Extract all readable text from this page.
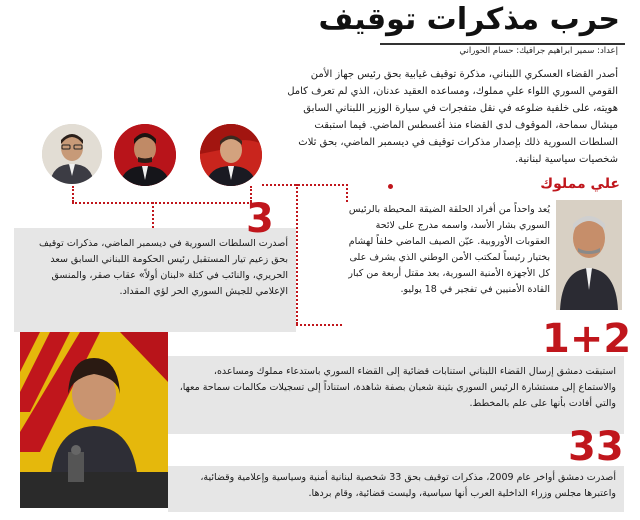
حرب مذكرات توقيف
إعداد: سمير ابراهيم جرافيك: حسام الحوراني
أصدر القضاء العسكري اللبناني، مذكرة توقيف غيابية بحق رئيس جهاز الأمن القومي السوري اللواء علي مملوك، ومساعده العقيد عدنان، الذي لم تعرف كامل هويته، على خلفية ضلوعه في نقل متفجرات في سيارة الوزير اللبناني السابق ميشال سماحة، الموقوف لدى القضاء منذ أغسطس الماضي. فيما استبقت السلطات السورية ذلك بإصدار مذكرات توقيف في ديسمبر الماضي، بحق ثلاث شخصيات سياسية لبنانية.
علي مملوك
3
أصدرت السلطات السورية في ديسمبر الماضي، مذكرات توقيف بحق زعيم تيار المستقبل رئيس الحكومة اللبناني السابق سعد الحريري، والنائب في كتلة «لبنان أولاً» عقاب صقر، والمنسق الإعلامي للجيش السوري الحر لؤي المقداد.
يُعد واحداً من أفراد الحلقة الضيقة المحيطة بالرئيس السوري بشار الأسد، واسمه مدرج على لائحة العقوبات الأوروبية. عيّن الصيف الماضي خلفاً لهشام بختيار رئيساً لمكتب الأمن الوطني الذي يشرف على كل الأجهزة الأمنية السورية، بعد مقتل أربعة من كبار القادة الأمنيين في تفجير في 18 يوليو.
1+2
استبقت دمشق إرسال القضاء اللبناني استنابات قضائية إلى القضاء السوري باستدعاء مملوك ومساعده، والاستماع إلى مستشارة الرئيس السوري بثينة شعبان بصفة شاهدة، استناداً إلى تسجيلات مكالمات سماحة معها، والتي أفادت بأنها على علم بالمخطط.
33
أصدرت دمشق أواخر عام 2009، مذكرات توقيف بحق 33 شخصية لبنانية أمنية وسياسية وإعلامية وقضائية، واعتبرها مجلس وزراء الداخلية العرب أنها سياسية، وليست قضائية، وقام بردها.
